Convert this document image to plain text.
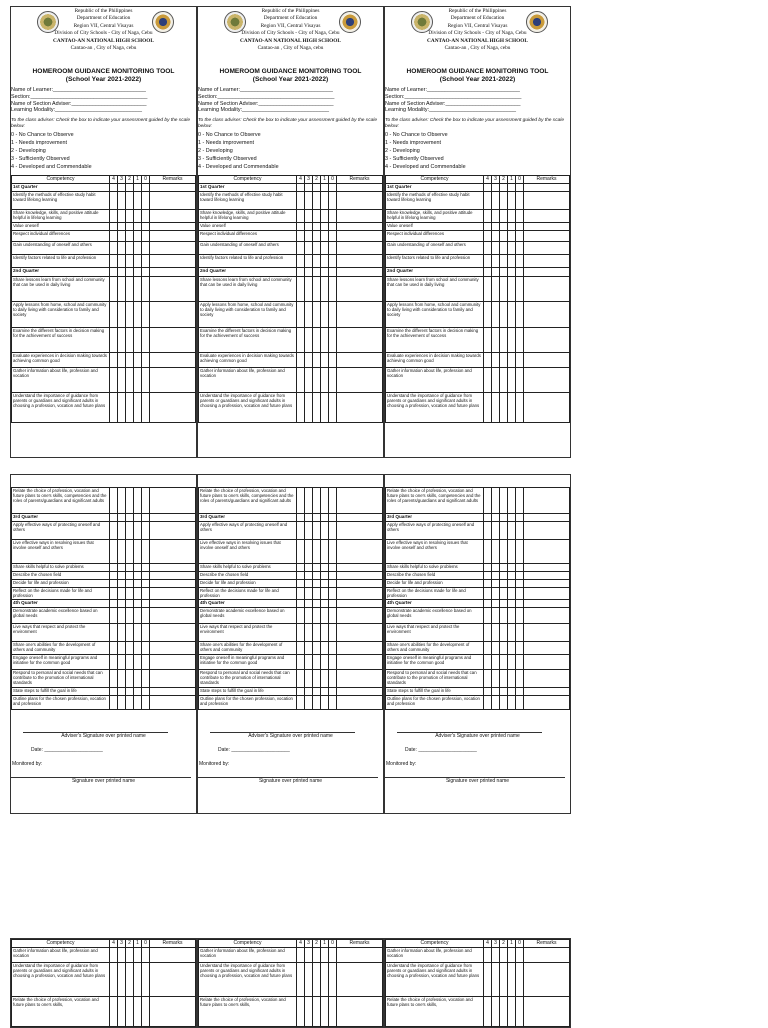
Republic of the Philippines
Department of Education
Region VII, Central Visayas
Division of City Schools - City of Naga, Cebu
CANTAO-AN NATIONAL HIGH SCHOOL
Cantao-an , City of Naga, cebu
HOMEROOM GUIDANCE MONITORING TOOL
(School Year 2021-2022)
Name of Learner:_______________________________
Section:_______________________________________
Name of Section Adviser:_________________________
Learning Modality:_____________________________
To the class adviser: Check the box to indicate your assessment guided by the scale below:
0 - No Chance to Observe
1 - Needs improvement
2 - Developing
3 - Sufficiently Observed
4 - Developed and Commendable
Competency	4	3	2	1	0	Remarks
1st Quarter						
Identify the methods of effective study habit toward lifelong learning						
Share knowledge, skills, and positive attitude helpful in lifelong learning						
Value oneself						
Respect individual differences						
Gain understanding of oneself and others						
Identify factors related to life and profession						
2nd Quarter						
Share lessons learn from school and community that can be used in daily living						
Apply lessons from home, school and community to daily living with consideration to family and society						
Examine the different factors in decision making for the achievement of success						
Evaluate experiences in decision making towards achieving common good						
Gather information about life, profession and vocation						
Understand the importance of guidance from parents or guardians and significant adults in choosing a profession, vocation and future plans						
Republic of the Philippines
Department of Education
Region VII, Central Visayas
Division of City Schools - City of Naga, Cebu
CANTAO-AN NATIONAL HIGH SCHOOL
Cantao-an , City of Naga, cebu
HOMEROOM GUIDANCE MONITORING TOOL
(School Year 2021-2022)
Name of Learner:_______________________________
Section:_______________________________________
Name of Section Adviser:_________________________
Learning Modality:_____________________________
To the class adviser: Check the box to indicate your assessment guided by the scale below:
0 - No Chance to Observe
1 - Needs improvement
2 - Developing
3 - Sufficiently Observed
4 - Developed and Commendable
Competency	4	3	2	1	0	Remarks
1st Quarter						
Identify the methods of effective study habit toward lifelong learning						
Share knowledge, skills, and positive attitude helpful in lifelong learning						
Value oneself						
Respect individual differences						
Gain understanding of oneself and others						
Identify factors related to life and profession						
2nd Quarter						
Share lessons learn from school and community that can be used in daily living						
Apply lessons from home, school and community to daily living with consideration to family and society						
Examine the different factors in decision making for the achievement of success						
Evaluate experiences in decision making towards achieving common good						
Gather information about life, profession and vocation						
Understand the importance of guidance from parents or guardians and significant adults in choosing a profession, vocation and future plans						
Republic of the Philippines
Department of Education
Region VII, Central Visayas
Division of City Schools - City of Naga, Cebu
CANTAO-AN NATIONAL HIGH SCHOOL
Cantao-an , City of Naga, cebu
HOMEROOM GUIDANCE MONITORING TOOL
(School Year 2021-2022)
Name of Learner:_______________________________
Section:_______________________________________
Name of Section Adviser:_________________________
Learning Modality:_____________________________
To the class adviser: Check the box to indicate your assessment guided by the scale below:
0 - No Chance to Observe
1 - Needs improvement
2 - Developing
3 - Sufficiently Observed
4 - Developed and Commendable
Competency	4	3	2	1	0	Remarks
1st Quarter						
Identify the methods of effective study habit toward lifelong learning						
Share knowledge, skills, and positive attitude helpful in lifelong learning						
Value oneself						
Respect individual differences						
Gain understanding of oneself and others						
Identify factors related to life and profession						
2nd Quarter						
Share lessons learn from school and community that can be used in daily living						
Apply lessons from home, school and community to daily living with consideration to family and society						
Examine the different factors in decision making for the achievement of success						
Evaluate experiences in decision making towards achieving common good						
Gather information about life, profession and vocation						
Understand the importance of guidance from parents or guardians and significant adults in choosing a profession, vocation and future plans						
Relate the choice of profession, vocation and future plans to one's skills, competencies and the roles of parents/guardians and significant adults						
3rd Quarter						
Apply effective ways of protecting oneself and others						
Live effective ways in resolving issues that involve oneself and others						
Share skills helpful to solve problems						
Describe the chosen field						
Decide for life and profession						
Reflect on the decisions made for life and profession						
4th Quarter						
Demonstrate academic excellence based on global needs						
Live ways that respect and protect the environment						
Share one's abilities for the development of others and community						
Engage oneself in meaningful programs and initiative for the common good						
Respond to personal and social needs that can contribute to the promotion of international standards						
State steps to fulfill the goal in life						
Outline plans for the chosen profession, vocation and profession						
Adviser's Signature over printed name
Date: _____________________
Monitored by:
Signature over printed name
Relate the choice of profession, vocation and future plans to one's skills, competencies and the roles of parents/guardians and significant adults						
3rd Quarter						
Apply effective ways of protecting oneself and others						
Live effective ways in resolving issues that involve oneself and others						
Share skills helpful to solve problems						
Describe the chosen field						
Decide for life and profession						
Reflect on the decisions made for life and profession						
4th Quarter						
Demonstrate academic excellence based on global needs						
Live ways that respect and protect the environment						
Share one's abilities for the development of others and community						
Engage oneself in meaningful programs and initiative for the common good						
Respond to personal and social needs that can contribute to the promotion of international standards						
State steps to fulfill the goal in life						
Outline plans for the chosen profession, vocation and profession						
Adviser's Signature over printed name
Date: _____________________
Monitored by:
Signature over printed name
Relate the choice of profession, vocation and future plans to one's skills, competencies and the roles of parents/guardians and significant adults						
3rd Quarter						
Apply effective ways of protecting oneself and others						
Live effective ways in resolving issues that involve oneself and others						
Share skills helpful to solve problems						
Describe the chosen field						
Decide for life and profession						
Reflect on the decisions made for life and profession						
4th Quarter						
Demonstrate academic excellence based on global needs						
Live ways that respect and protect the environment						
Share one's abilities for the development of others and community						
Engage oneself in meaningful programs and initiative for the common good						
Respond to personal and social needs that can contribute to the promotion of international standards						
State steps to fulfill the goal in life						
Outline plans for the chosen profession, vocation and profession						
Adviser's Signature over printed name
Date: _____________________
Monitored by:
Signature over printed name
Competency	4	3	2	1	0	Remarks
Gather information about life, profession and vocation						
Understand the importance of guidance from parents or guardians and significant adults in choosing a profession, vocation and future plans						
Relate the choice of profession, vocation and future plans to one's skills,						
Competency	4	3	2	1	0	Remarks
Gather information about life, profession and vocation						
Understand the importance of guidance from parents or guardians and significant adults in choosing a profession, vocation and future plans						
Relate the choice of profession, vocation and future plans to one's skills,						
Competency	4	3	2	1	0	Remarks
Gather information about life, profession and vocation						
Understand the importance of guidance from parents or guardians and significant adults in choosing a profession, vocation and future plans						
Relate the choice of profession, vocation and future plans to one's skills,						
